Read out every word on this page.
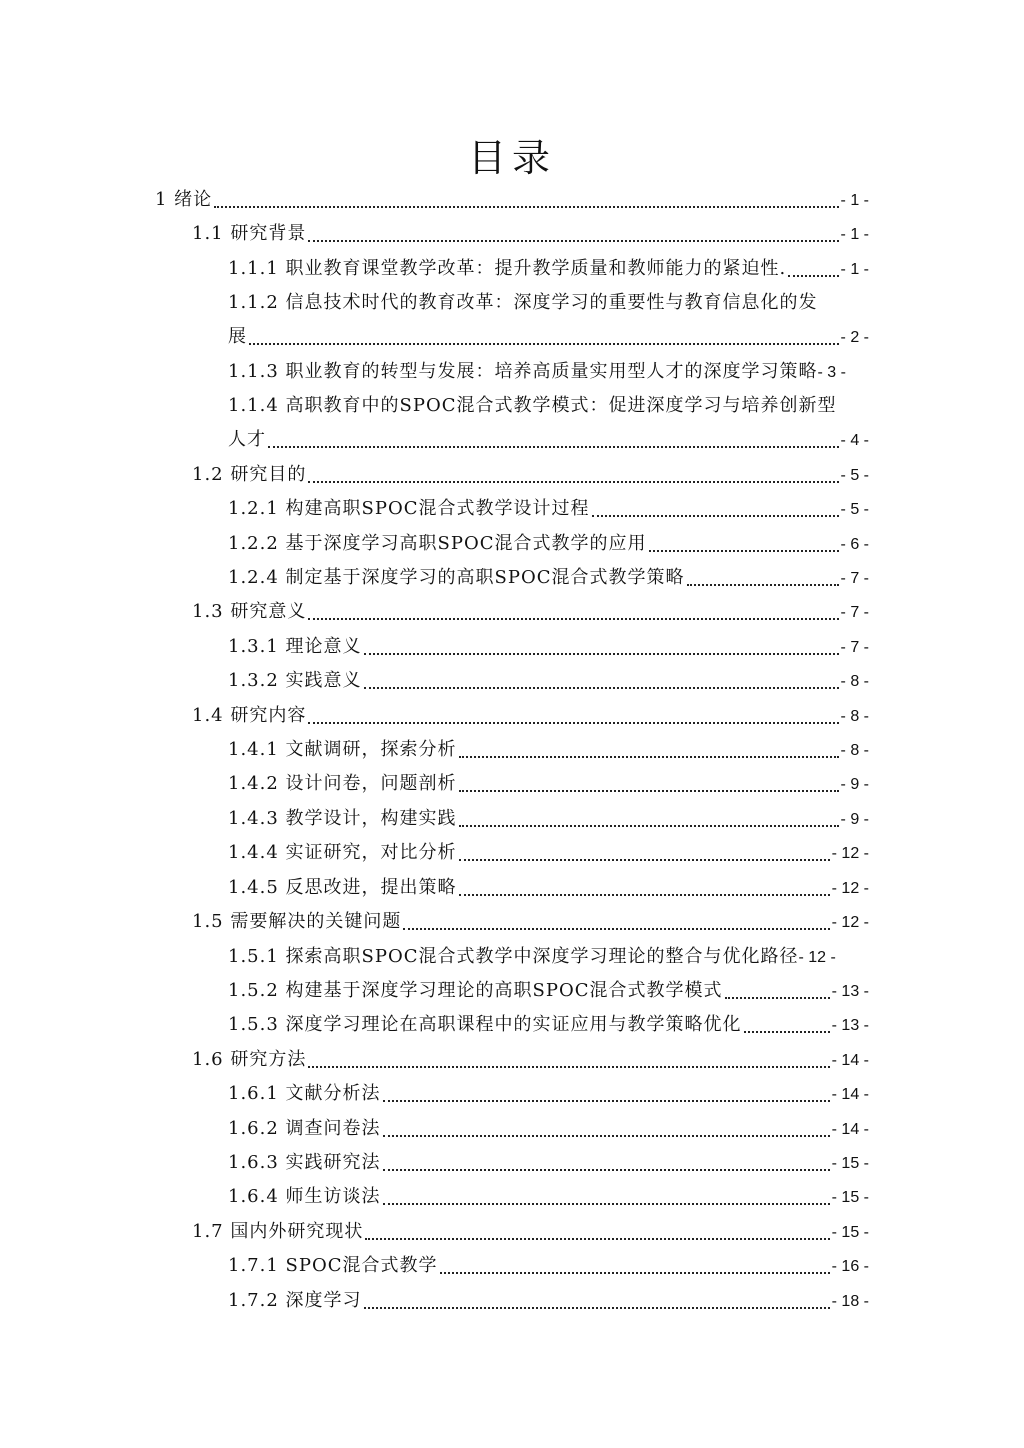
目录
1 绪论	- 1 -
1.1 研究背景	- 1 -
1.1.1 职业教育课堂教学改革：提升教学质量和教师能力的紧迫性.	- 1 -
1.1.2 信息技术时代的教育改革：深度学习的重要性与教育信息化的发
展	- 2 -
1.1.3 职业教育的转型与发展：培养高质量实用型人才的深度学习策略 - 3 -
1.1.4 高职教育中的SPOC混合式教学模式：促进深度学习与培养创新型
人才	- 4 -
1.2 研究目的	- 5 -
1.2.1 构建高职SPOC混合式教学设计过程	- 5 -
1.2.2 基于深度学习高职SPOC混合式教学的应用	- 6 -
1.2.4 制定基于深度学习的高职SPOC混合式教学策略	- 7 -
1.3 研究意义	- 7 -
1.3.1 理论意义	- 7 -
1.3.2 实践意义	- 8 -
1.4 研究内容	- 8 -
1.4.1 文献调研，探索分析	- 8 -
1.4.2 设计问卷，问题剖析	- 9 -
1.4.3 教学设计，构建实践	- 9 -
1.4.4 实证研究，对比分析	- 12 -
1.4.5 反思改进，提出策略	- 12 -
1.5 需要解决的关键问题	- 12 -
1.5.1 探索高职SPOC混合式教学中深度学习理论的整合与优化路径 - 12 -
1.5.2 构建基于深度学习理论的高职SPOC混合式教学模式	- 13 -
1.5.3 深度学习理论在高职课程中的实证应用与教学策略优化	- 13 -
1.6 研究方法	- 14 -
1.6.1 文献分析法	- 14 -
1.6.2 调查问卷法	- 14 -
1.6.3 实践研究法	- 15 -
1.6.4 师生访谈法	- 15 -
1.7 国内外研究现状	- 15 -
1.7.1 SPOC混合式教学	- 16 -
1.7.2 深度学习	- 18 -
